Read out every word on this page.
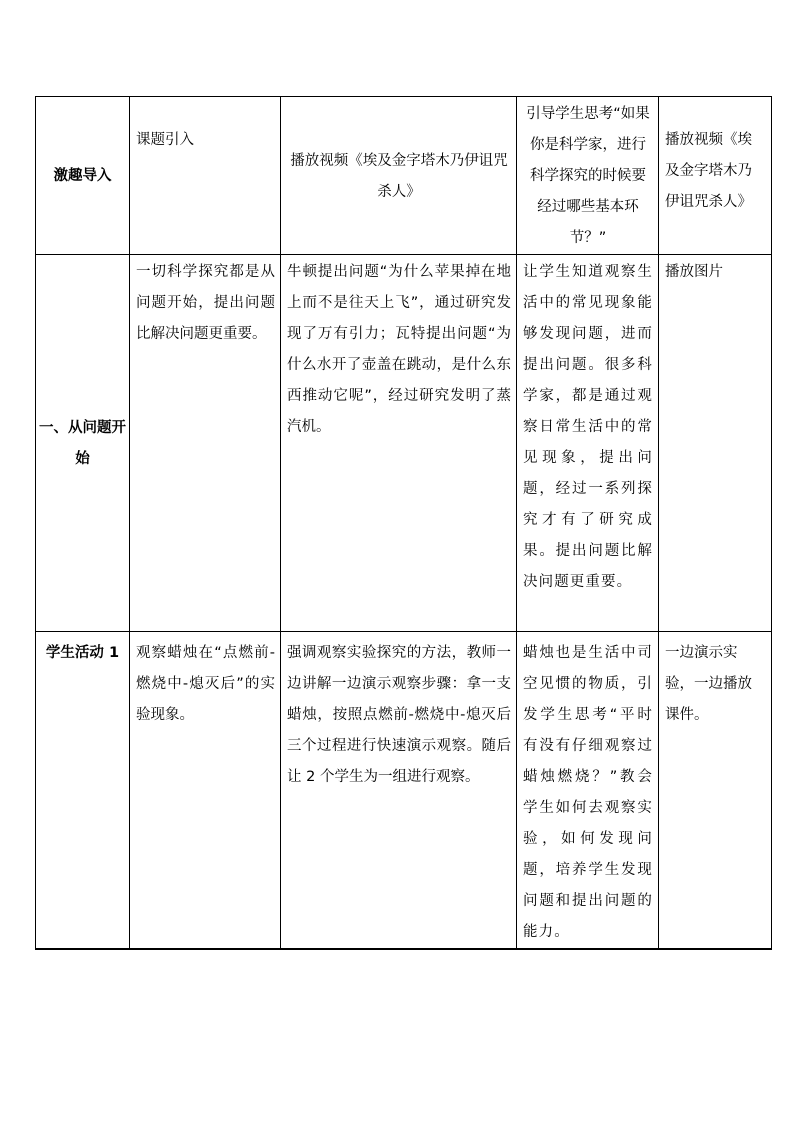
激趣导入	课题引入	播放视频《埃及金字塔木乃伊诅咒杀人》	引导学生思考“如果你是科学家，进行科学探究的时候要经过哪些基本环节？”	播放视频《埃及金字塔木乃伊诅咒杀人》
一、从问题开始	一切科学探究都是从问题开始，提出问题比解决问题更重要。	牛顿提出问题“为什么苹果掉在地上而不是往天上飞”，通过研究发现了万有引力；瓦特提出问题“为什么水开了壶盖在跳动，是什么东西推动它呢”，经过研究发明了蒸汽机。	让学生知道观察生活中的常见现象能够发现问题，进而提出问题。很多科学家，都是通过观察日常生活中的常见现象，提出问题，经过一系列探究才有了研究成果。提出问题比解决问题更重要。	播放图片
学生活动 1	观察蜡烛在“点燃前-燃烧中-熄灭后”的实验现象。	强调观察实验探究的方法，教师一边讲解一边演示观察步骤：拿一支蜡烛，按照点燃前-燃烧中-熄灭后三个过程进行快速演示观察。随后让 2 个学生为一组进行观察。	蜡烛也是生活中司空见惯的物质，引发学生思考“平时有没有仔细观察过蜡烛燃烧？”教会学生如何去观察实验，如何发现问题，培养学生发现问题和提出问题的能力。	一边演示实验，一边播放课件。
